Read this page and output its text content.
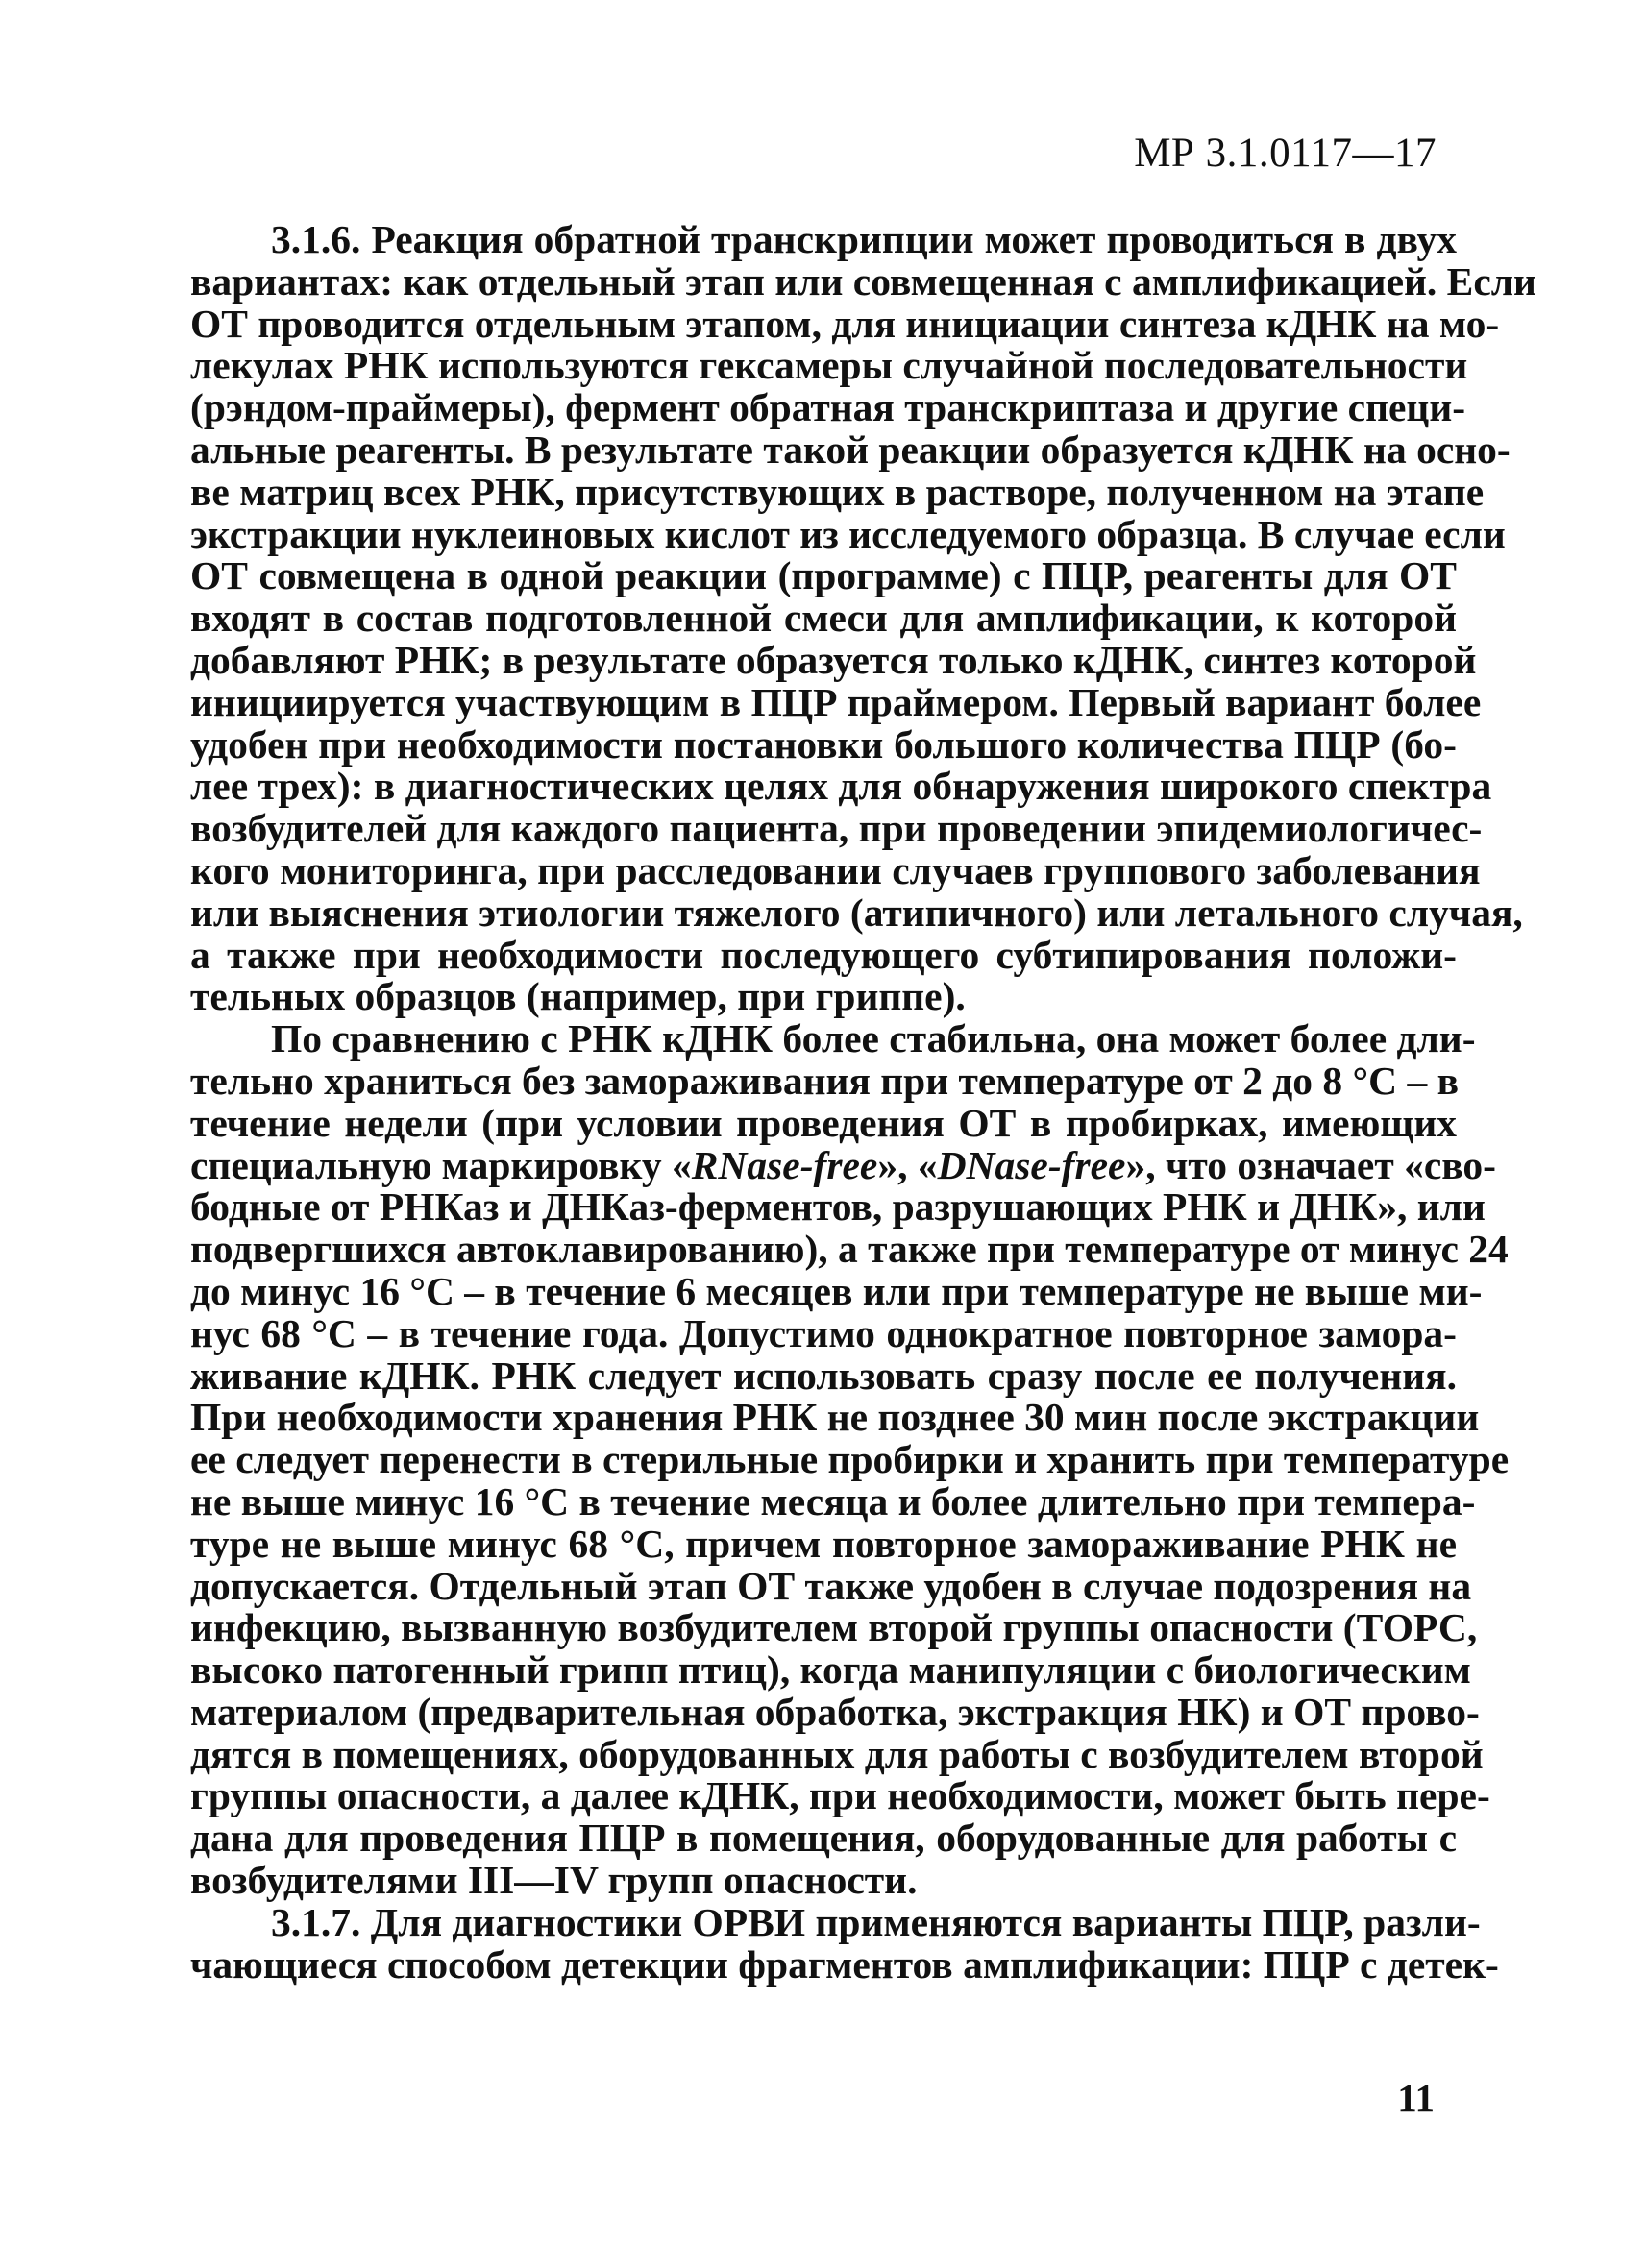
МР 3.1.0117—17
3.1.6. Реакция обратной транскрипции может проводиться в двух
вариантах: как отдельный этап или совмещенная с амплификацией. Если
ОТ проводится отдельным этапом, для инициации синтеза кДНК на мо-
лекулах РНК используются гексамеры случайной последовательности
(рэндом-праймеры), фермент обратная транскриптаза и другие специ-
альные реагенты. В результате такой реакции образуется кДНК на осно-
ве матриц всех РНК, присутствующих в растворе, полученном на этапе
экстракции нуклеиновых кислот из исследуемого образца. В случае если
ОТ совмещена в одной реакции (программе) с ПЦР, реагенты для ОТ
входят в состав подготовленной смеси для амплификации, к которой
добавляют РНК; в результате образуется только кДНК, синтез которой
инициируется участвующим в ПЦР праймером. Первый вариант более
удобен при необходимости постановки большого количества ПЦР (бо-
лее трех): в диагностических целях для обнаружения широкого спектра
возбудителей для каждого пациента, при проведении эпидемиологичес-
кого мониторинга, при расследовании случаев группового заболевания
или выяснения этиологии тяжелого (атипичного) или летального случая,
а также при необходимости последующего субтипирования положи-
тельных образцов (например, при гриппе).
По сравнению с РНК кДНК более стабильна, она может более дли-
тельно храниться без замораживания при температуре от 2 до 8 °С – в
течение недели (при условии проведения ОТ в пробирках, имеющих
специальную маркировку «RNase-free», «DNase-free», что означает «сво-
бодные от РНКаз и ДНКаз-ферментов, разрушающих РНК и ДНК», или
подвергшихся автоклавированию), а также при температуре от минус 24
до минус 16 °С – в течение 6 месяцев или при температуре не выше ми-
нус 68 °С – в течение года. Допустимо однократное повторное замора-
живание кДНК. РНК следует использовать сразу после ее получения.
При необходимости хранения РНК не позднее 30 мин после экстракции
ее следует перенести в стерильные пробирки и хранить при температуре
не выше минус 16 °С в течение месяца и более длительно при темпера-
туре не выше минус 68 °С, причем повторное замораживание РНК не
допускается. Отдельный этап ОТ также удобен в случае подозрения на
инфекцию, вызванную возбудителем второй группы опасности (ТОРС,
высоко патогенный грипп птиц), когда манипуляции с биологическим
материалом (предварительная обработка, экстракция НК) и ОТ прово-
дятся в помещениях, оборудованных для работы с возбудителем второй
группы опасности, а далее кДНК, при необходимости, может быть пере-
дана для проведения ПЦР в помещения, оборудованные для работы с
возбудителями III—IV групп опасности.
3.1.7. Для диагностики ОРВИ применяются варианты ПЦР, разли-
чающиеся способом детекции фрагментов амплификации: ПЦР с детек-
11
